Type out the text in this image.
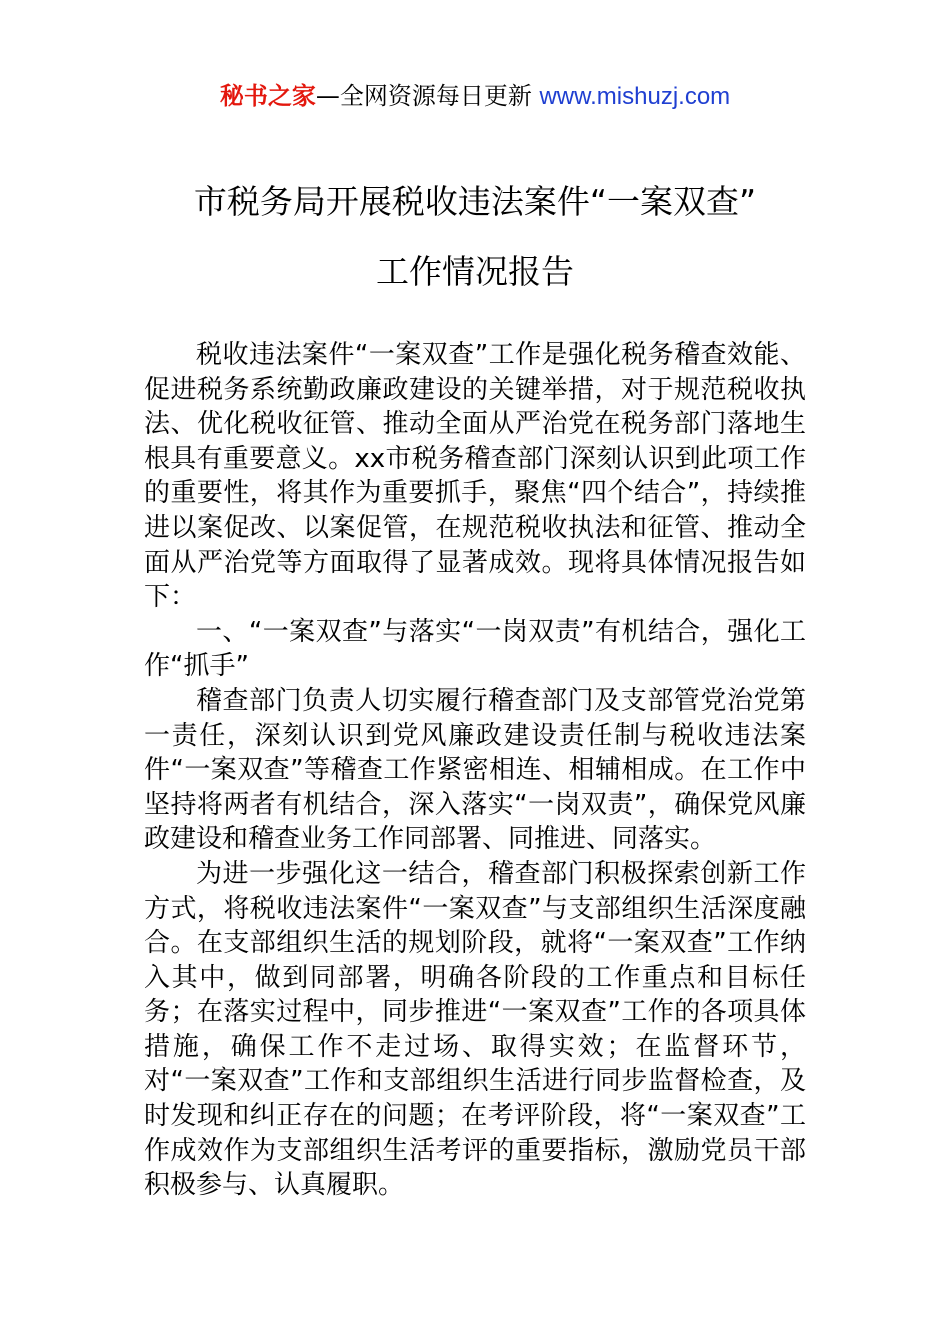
秘书之家—全网资源每日更新 www.mishuzj.com
市税务局开展税收违法案件“一案双查”
工作情况报告

税收违法案件“一案双查”工作是强化税务稽查效能、促进税务系统勤政廉政建设的关键举措，对于规范税收执法、优化税收征管、推动全面从严治党在税务部门落地生根具有重要意义。xx市税务稽查部门深刻认识到此项工作的重要性，将其作为重要抓手，聚焦“四个结合”，持续推进以案促改、以案促管，在规范税收执法和征管、推动全面从严治党等方面取得了显著成效。现将具体情况报告如下：

一、“一案双查”与落实“一岗双责”有机结合，强化工作“抓手”

稽查部门负责人切实履行稽查部门及支部管党治党第一责任，深刻认识到党风廉政建设责任制与税收违法案件“一案双查”等稽查工作紧密相连、相辅相成。在工作中坚持将两者有机结合，深入落实“一岗双责”，确保党风廉政建设和稽查业务工作同部署、同推进、同落实。

为进一步强化这一结合，稽查部门积极探索创新工作方式，将税收违法案件“一案双查”与支部组织生活深度融合。在支部组织生活的规划阶段，就将“一案双查”工作纳入其中，做到同部署，明确各阶段的工作重点和目标任务；在落实过程中，同步推进“一案双查”工作的各项具体措施，确保工作不走过场、取得实效；在监督环节，对“一案双查”工作和支部组织生活进行同步监督检查，及时发现和纠正存在的问题；在考评阶段，将“一案双查”工作成效作为支部组织生活考评的重要指标，激励党员干部积极参与、认真履职。
